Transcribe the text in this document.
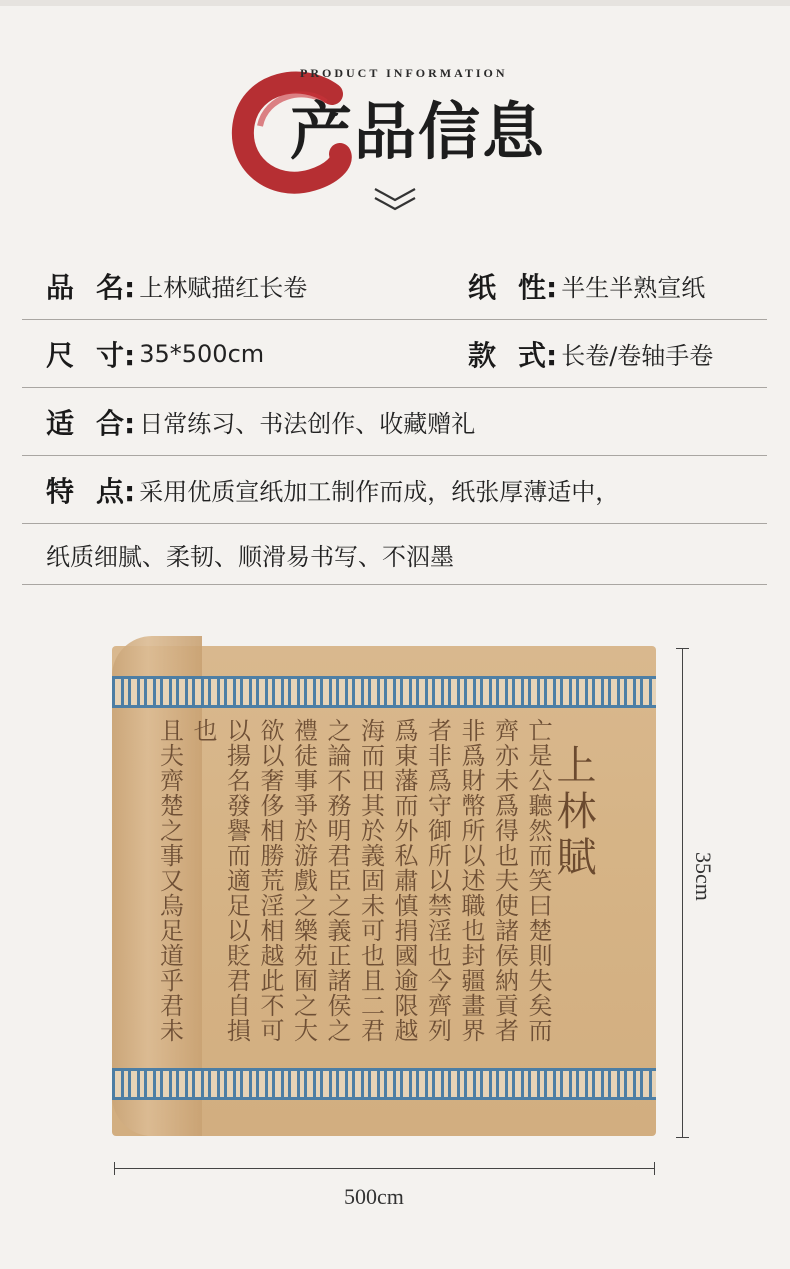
PRODUCT INFORMATION
产品信息
品 名: 上林赋描红长卷	纸 性: 半生半熟宣纸
尺 寸: 35*500cm	款 式: 长卷/卷轴手卷
适 合: 日常练习、书法创作、收藏赠礼
特 点: 采用优质宣纸加工制作而成，纸张厚薄适中，
纸质细腻、柔韧、顺滑易书写、不泅墨
亡是公聽然而笑曰楚則失矣而
齊亦未爲得也夫使諸侯納貢者
非爲財幣所以述職也封疆畫界
者非爲守御所以禁淫也今齊列
爲東藩而外私肅慎捐國逾限越
海而田其於義固未可也且二君
之論不務明君臣之義正諸侯之
禮徒事爭於游戲之樂苑囿之大
欲以奢侈相勝荒淫相越此不可
以揚名發譽而適足以貶君自損
也
且夫齊楚之事又烏足道乎君未	上林賦	35cm
500cm
